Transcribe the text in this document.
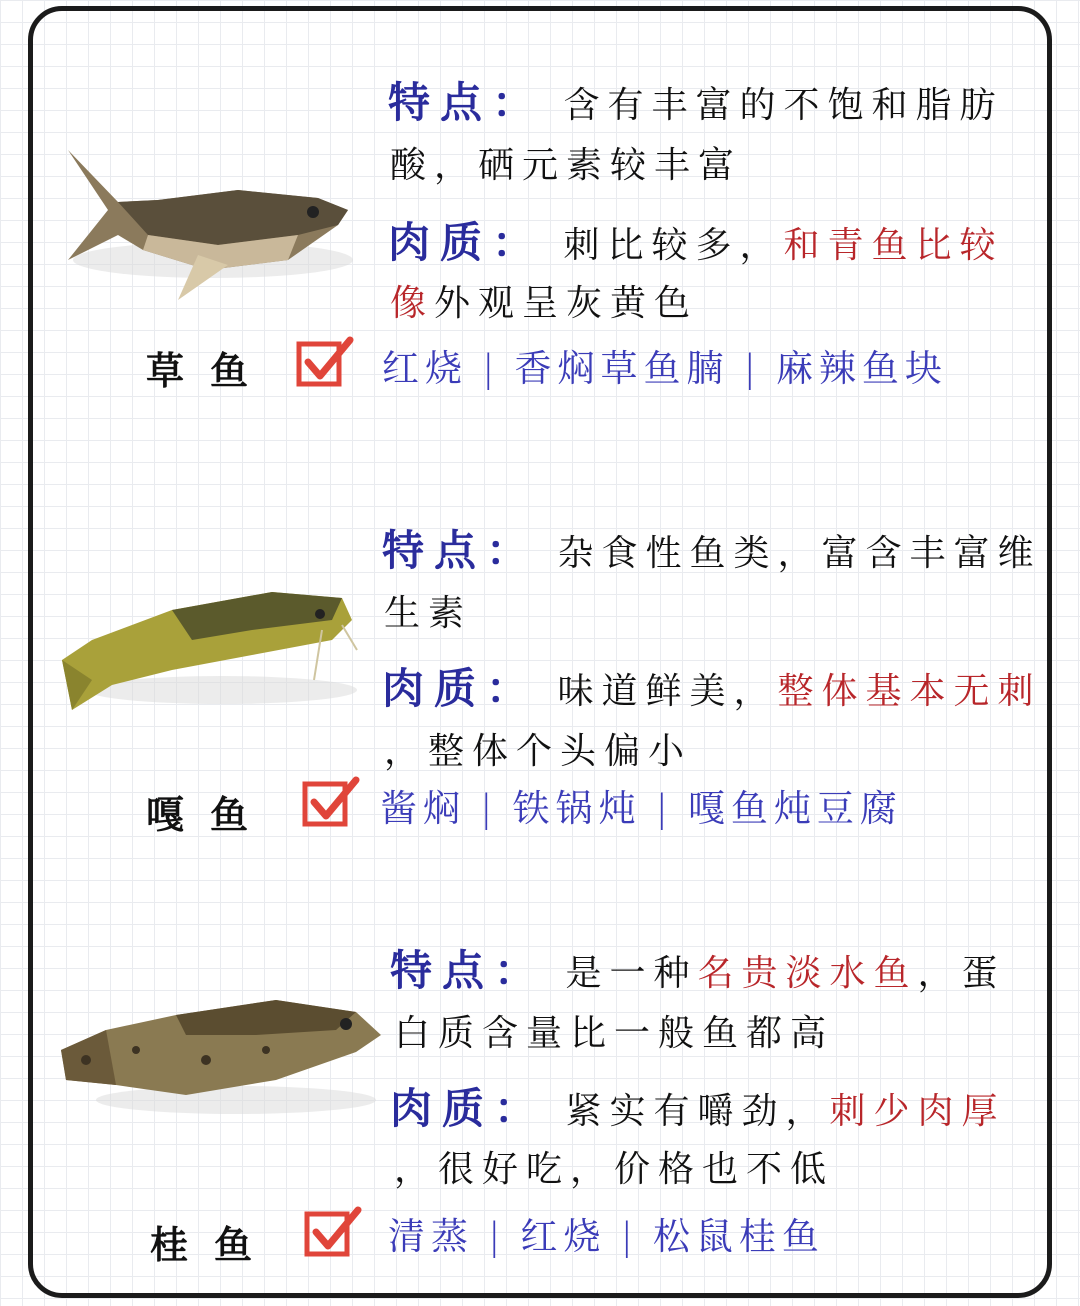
草鱼
特点： 含有丰富的不饱和脂肪
酸，硒元素较丰富
肉质： 刺比较多，和青鱼比较
像外观呈灰黄色
红烧 | 香焖草鱼腩 | 麻辣鱼块
嘎鱼
特点： 杂食性鱼类，富含丰富维
生素
肉质： 味道鲜美，整体基本无刺
，整体个头偏小
酱焖 | 铁锅炖 | 嘎鱼炖豆腐
桂鱼
特点： 是一种名贵淡水鱼，蛋
白质含量比一般鱼都高
肉质： 紧实有嚼劲，刺少肉厚
，很好吃，价格也不低
清蒸 | 红烧 | 松鼠桂鱼
